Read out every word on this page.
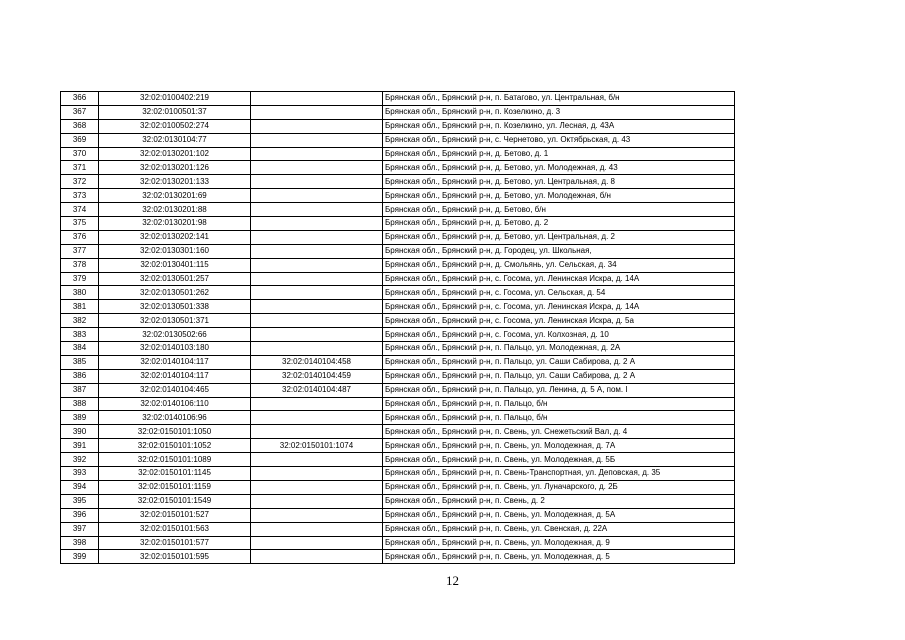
366	32:02:0100402:219		Брянская обл., Брянский р-н, п. Батагово, ул. Центральная, б/н
367	32:02:0100501:37		Брянская обл., Брянский р-н, п. Козелкино, д. 3
368	32:02:0100502:274		Брянская обл., Брянский р-н, п. Козелкино, ул. Лесная, д. 43А
369	32:02:0130104:77		Брянская обл., Брянский р-н, с. Чернетово, ул. Октябрьская, д. 43
370	32:02:0130201:102		Брянская обл., Брянский р-н, д. Бетово, д. 1
371	32:02:0130201:126		Брянская обл., Брянский р-н, д. Бетово, ул. Молодежная, д. 43
372	32:02:0130201:133		Брянская обл., Брянский р-н, д. Бетово, ул. Центральная, д. 8
373	32:02:0130201:69		Брянская обл., Брянский р-н, д. Бетово, ул. Молодежная, б/н
374	32:02:0130201:88		Брянская обл., Брянский р-н, д. Бетово, б/н
375	32:02:0130201:98		Брянская обл., Брянский р-н, д. Бетово, д. 2
376	32:02:0130202:141		Брянская обл., Брянский р-н, д. Бетово, ул. Центральная, д. 2
377	32:02:0130301:160		Брянская обл., Брянский р-н, д. Городец, ул. Школьная,
378	32:02:0130401:115		Брянская обл., Брянский р-н, д. Смольянь, ул. Сельская, д. 34
379	32:02:0130501:257		Брянская обл., Брянский р-н, с. Госома, ул. Ленинская Искра, д. 14А
380	32:02:0130501:262		Брянская обл., Брянский р-н, с. Госома, ул. Сельская, д. 54
381	32:02:0130501:338		Брянская обл., Брянский р-н, с. Госома, ул. Ленинская Искра, д. 14А
382	32:02:0130501:371		Брянская обл., Брянский р-н, с. Госома, ул. Ленинская Искра, д. 5а
383	32:02:0130502:66		Брянская обл., Брянский р-н, с. Госома, ул. Колхозная, д. 10
384	32:02:0140103:180		Брянская обл., Брянский р-н, п. Пальцо, ул. Молодежная, д. 2А
385	32:02:0140104:117	32:02:0140104:458	Брянская обл., Брянский р-н, п. Пальцо, ул. Саши Сабирова, д. 2 А
386	32:02:0140104:117	32:02:0140104:459	Брянская обл., Брянский р-н, п. Пальцо, ул. Саши Сабирова, д. 2 А
387	32:02:0140104:465	32:02:0140104:487	Брянская обл., Брянский р-н, п. Пальцо, ул. Ленина, д. 5 А, пом. I
388	32:02:0140106:110		Брянская обл., Брянский р-н, п. Пальцо, б/н
389	32:02:0140106:96		Брянская обл., Брянский р-н, п. Пальцо, б/н
390	32:02:0150101:1050		Брянская обл., Брянский р-н, п. Свень, ул. Снежетьский Вал, д. 4
391	32:02:0150101:1052	32:02:0150101:1074	Брянская обл., Брянский р-н, п. Свень, ул. Молодежная, д. 7А
392	32:02:0150101:1089		Брянская обл., Брянский р-н, п. Свень, ул. Молодежная, д. 5Б
393	32:02:0150101:1145		Брянская обл., Брянский р-н, п. Свень-Транспортная, ул. Деповская, д. 35
394	32:02:0150101:1159		Брянская обл., Брянский р-н, п. Свень, ул. Луначарского, д. 2Б
395	32:02:0150101:1549		Брянская обл., Брянский р-н, п. Свень, д. 2
396	32:02:0150101:527		Брянская обл., Брянский р-н, п. Свень, ул. Молодежная, д. 5А
397	32:02:0150101:563		Брянская обл., Брянский р-н, п. Свень, ул. Свенская, д. 22А
398	32:02:0150101:577		Брянская обл., Брянский р-н, п. Свень, ул. Молодежная, д. 9
399	32:02:0150101:595		Брянская обл., Брянский р-н, п. Свень, ул. Молодежная, д. 5
12
